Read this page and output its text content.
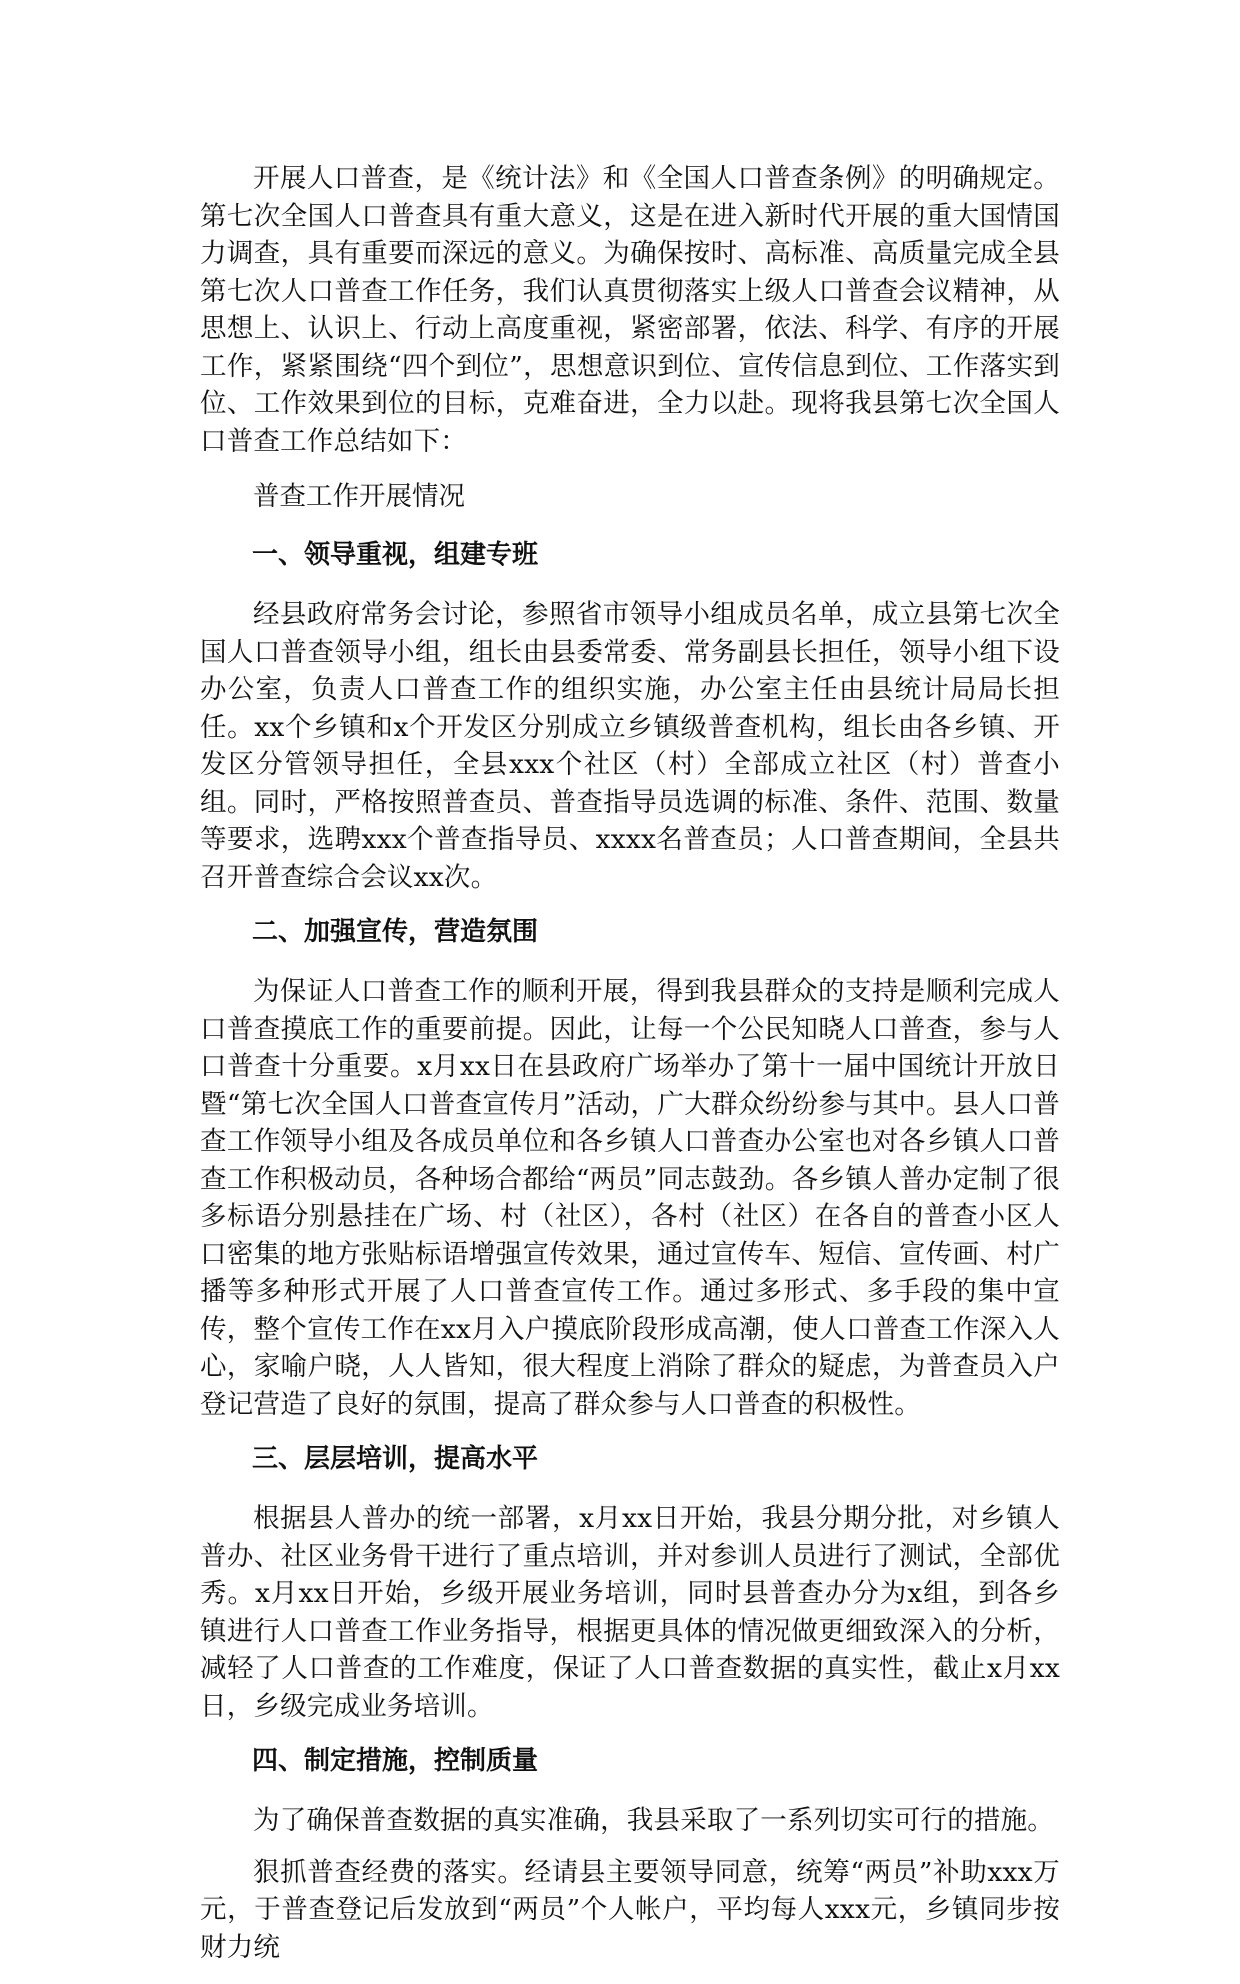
开展人口普查，是《统计法》和《全国人口普查条例》的明确规定。第七次全国人口普查具有重大意义，这是在进入新时代开展的重大国情国力调查，具有重要而深远的意义。为确保按时、高标准、高质量完成全县第七次人口普查工作任务，我们认真贯彻落实上级人口普查会议精神，从思想上、认识上、行动上高度重视，紧密部署，依法、科学、有序的开展工作，紧紧围绕“四个到位”，思想意识到位、宣传信息到位、工作落实到位、工作效果到位的目标，克难奋进，全力以赴。现将我县第七次全国人口普查工作总结如下：

普查工作开展情况

一、领导重视，组建专班

经县政府常务会讨论，参照省市领导小组成员名单，成立县第七次全国人口普查领导小组，组长由县委常委、常务副县长担任，领导小组下设办公室，负责人口普查工作的组织实施，办公室主任由县统计局局长担任。xx个乡镇和x个开发区分别成立乡镇级普查机构，组长由各乡镇、开发区分管领导担任，全县xxx个社区（村）全部成立社区（村）普查小组。同时，严格按照普查员、普查指导员选调的标准、条件、范围、数量等要求，选聘xxx个普查指导员、xxxx名普查员；人口普查期间，全县共召开普查综合会议xx次。

二、加强宣传，营造氛围

为保证人口普查工作的顺利开展，得到我县群众的支持是顺利完成人口普查摸底工作的重要前提。因此，让每一个公民知晓人口普查，参与人口普查十分重要。x月xx日在县政府广场举办了第十一届中国统计开放日暨“第七次全国人口普查宣传月”活动，广大群众纷纷参与其中。县人口普查工作领导小组及各成员单位和各乡镇人口普查办公室也对各乡镇人口普查工作积极动员，各种场合都给“两员”同志鼓劲。各乡镇人普办定制了很多标语分别悬挂在广场、村（社区），各村（社区）在各自的普查小区人口密集的地方张贴标语增强宣传效果，通过宣传车、短信、宣传画、村广播等多种形式开展了人口普查宣传工作。通过多形式、多手段的集中宣传，整个宣传工作在xx月入户摸底阶段形成高潮，使人口普查工作深入人心，家喻户晓，人人皆知，很大程度上消除了群众的疑虑，为普查员入户登记营造了良好的氛围，提高了群众参与人口普查的积极性。

三、层层培训，提高水平

根据县人普办的统一部署，x月xx日开始，我县分期分批，对乡镇人普办、社区业务骨干进行了重点培训，并对参训人员进行了测试，全部优秀。x月xx日开始，乡级开展业务培训，同时县普查办分为x组，到各乡镇进行人口普查工作业务指导，根据更具体的情况做更细致深入的分析，减轻了人口普查的工作难度，保证了人口普查数据的真实性，截止x月xx日，乡级完成业务培训。

四、制定措施，控制质量

为了确保普查数据的真实准确，我县采取了一系列切实可行的措施。

狠抓普查经费的落实。经请县主要领导同意，统筹“两员”补助xxx万元，于普查登记后发放到“两员”个人帐户，平均每人xxx元，乡镇同步按财力统
